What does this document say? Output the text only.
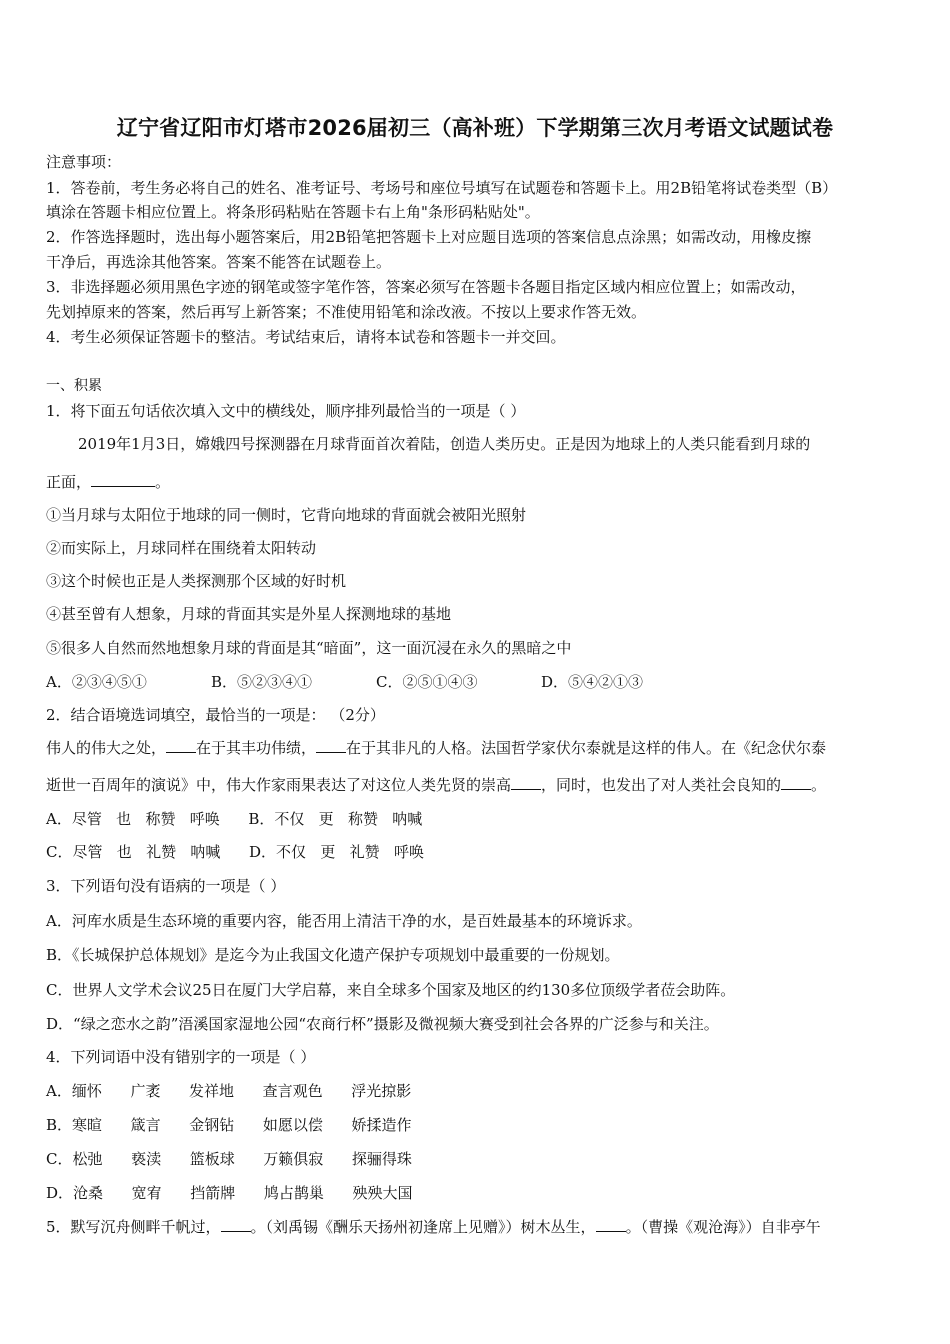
辽宁省辽阳市灯塔市2026届初三（高补班）下学期第三次月考语文试题试卷
注意事项：
1．答卷前，考生务必将自己的姓名、准考证号、考场号和座位号填写在试题卷和答题卡上。用2B铅笔将试卷类型（B）
填涂在答题卡相应位置上。将条形码粘贴在答题卡右上角"条形码粘贴处"。
2．作答选择题时，选出每小题答案后，用2B铅笔把答题卡上对应题目选项的答案信息点涂黑；如需改动，用橡皮擦
干净后，再选涂其他答案。答案不能答在试题卷上。
3．非选择题必须用黑色字迹的钢笔或签字笔作答，答案必须写在答题卡各题目指定区域内相应位置上；如需改动，
先划掉原来的答案，然后再写上新答案；不准使用铅笔和涂改液。不按以上要求作答无效。
4．考生必须保证答题卡的整洁。考试结束后，请将本试卷和答题卡一并交回。
一、积累
1．将下面五句话依次填入文中的横线处，顺序排列最恰当的一项是（ ）
2019年1月3日，嫦娥四号探测器在月球背面首次着陆，创造人类历史。正是因为地球上的人类只能看到月球的
正面，	。
①当月球与太阳位于地球的同一侧时，它背向地球的背面就会被阳光照射
②而实际上，月球同样在围绕着太阳转动
③这个时候也正是人类探测那个区域的好时机
④甚至曾有人想象，月球的背面其实是外星人探测地球的基地
⑤很多人自然而然地想象月球的背面是其“暗面”，这一面沉浸在永久的黑暗之中
A．②③④⑤①	B．⑤②③④①	C．②⑤①④③	D．⑤④②①③
2．结合语境选词填空，最恰当的一项是： （2分）
伟人的伟大之处， 在于其丰功伟绩， 在于其非凡的人格。法国哲学家伏尔泰就是这样的伟人。在《纪念伏尔泰
逝世一百周年的演说》中，伟大作家雨果表达了对这位人类先贤的崇高 ，同时，也发出了对人类社会良知的 。
A．尽管   也   称赞   呼唤      B．不仅   更   称赞   呐喊
C．尽管   也   礼赞   呐喊      D．不仅   更   礼赞   呼唤
3．下列语句没有语病的一项是（ ）
A．河库水质是生态环境的重要内容，能否用上清洁干净的水，是百姓最基本的环境诉求。
B．《长城保护总体规划》是迄今为止我国文化遗产保护专项规划中最重要的一份规划。
C．世界人文学术会议25日在厦门大学启幕，来自全球多个国家及地区的约130多位顶级学者莅会助阵。
D．“绿之恋水之韵”浯溪国家湿地公园“农商行杯”摄影及微视频大赛受到社会各界的广泛参与和关注。
4．下列词语中没有错别字的一项是（ ）
A．缅怀      广袤      发祥地      查言观色      浮光掠影
B．寒暄      箴言      金钢钻      如愿以偿      娇揉造作
C．松弛      亵渎      篮板球      万籁俱寂      探骊得珠
D．沧桑      宽宥      挡箭牌      鸠占鹊巢      殃殃大国
5．默写沉舟侧畔千帆过， 。（刘禹锡《酬乐天扬州初逢席上见赠》）树木丛生， 。（曹操《观沧海》）自非亭午
